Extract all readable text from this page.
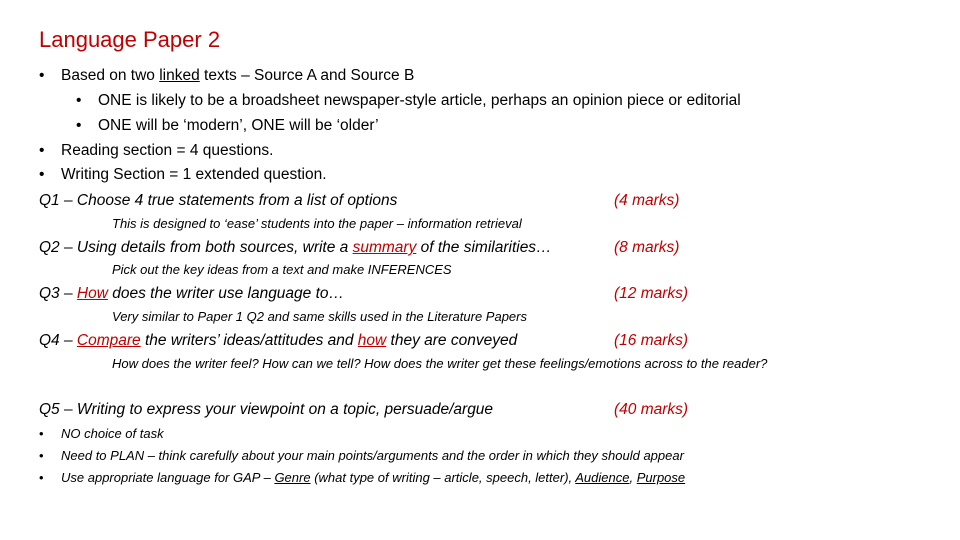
Language Paper 2
• Based on two linked texts – Source A and Source B
• ONE is likely to be a broadsheet newspaper-style article, perhaps an opinion piece or editorial
• ONE will be ‘modern’, ONE will be ‘older’
• Reading section = 4 questions.
• Writing Section = 1 extended question.
Q1 – Choose 4 true statements from a list of options	(4 marks)
This is designed to ‘ease’ students into the paper – information retrieval
Q2 – Using details from both sources, write a summary of the similarities…	(8 marks)
Pick out the key ideas from a text and make INFERENCES
Q3 – How does the writer use language to…	(12 marks)
Very similar to Paper 1 Q2 and same skills used in the Literature Papers
Q4 – Compare the writers’ ideas/attitudes and how they are conveyed	(16 marks)
How does the writer feel? How can we tell? How does the writer get these feelings/emotions across to the reader?
Q5 – Writing to express your viewpoint on a topic, persuade/argue	(40 marks)
• NO choice of task
• Need to PLAN – think carefully about your main points/arguments and the order in which they should appear
• Use appropriate language for GAP – Genre (what type of writing – article, speech, letter), Audience, Purpose
